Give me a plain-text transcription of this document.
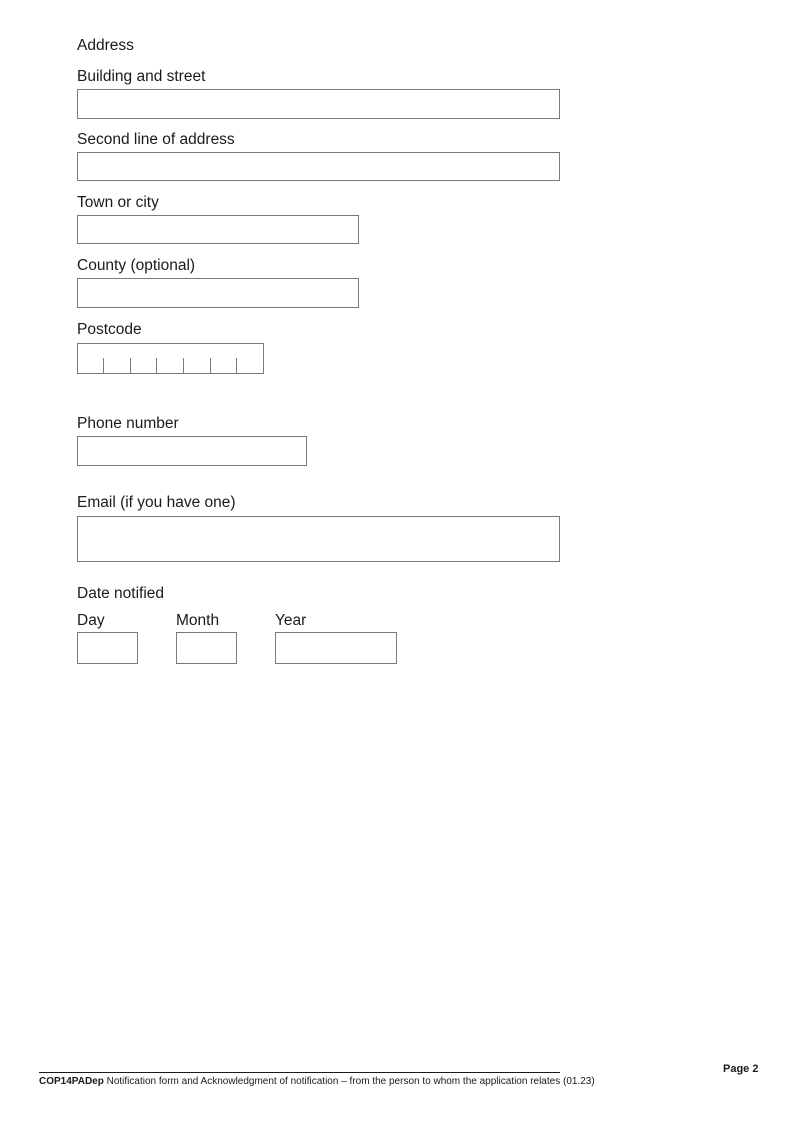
Address
Building and street
Second line of address
Town or city
County (optional)
Postcode
Phone number
Email (if you have one)
Date notified
Day	Month	Year
Page 2
COP14PADep Notification form and Acknowledgment of notification – from the person to whom the application relates (01.23)
